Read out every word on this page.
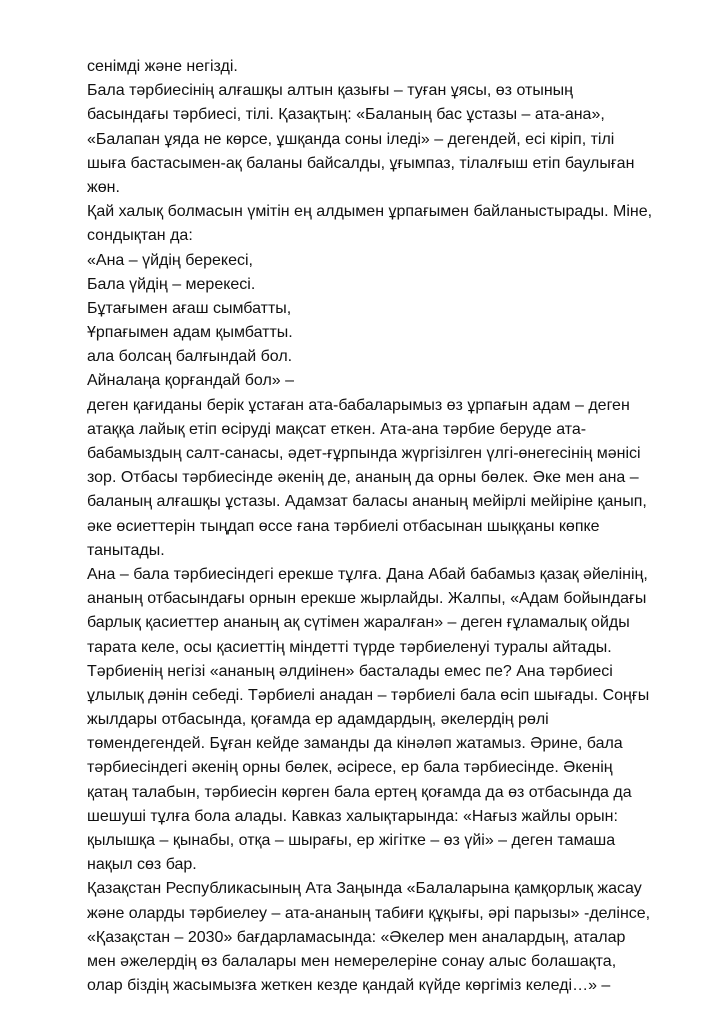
сенімді және негізді.
Бала тәрбиесінің алғашқы алтын қазығы – туған ұясы, өз отының
басындағы тәрбиесі, тілі. Қазақтың: «Баланың бас ұстазы – ата-ана»,
«Балапан ұяда не көрсе, ұшқанда соны іледі» – дегендей, есі кіріп, тілі
шыға бастасымен-ақ баланы байсалды, ұғымпаз, тілалғыш етіп баулыған
жөн.
Қай халық болмасын үмітін ең алдымен ұрпағымен байланыстырады. Міне,
сондықтан да:
«Ана – үйдің берекесі,
Бала үйдің – мерекесі.
Бұтағымен ағаш сымбатты,
Ұрпағымен адам қымбатты.
ала болсаң балғындай бол.
Айналаңа қорғандай бол» –
деген қағиданы берік ұстаған ата-бабаларымыз өз ұрпағын адам – деген
атаққа лайық етіп өсіруді мақсат еткен. Ата-ана тәрбие беруде ата-
бабамыздың салт-санасы, әдет-ғұрпында жүргізілген үлгі-өнегесінің мәнісі
зор. Отбасы тәрбиесінде әкенің де, ананың да орны бөлек. Әке мен ана –
баланың алғашқы ұстазы. Адамзат баласы ананың мейірлі мейіріне қанып,
әке өсиеттерін тыңдап өссе ғана тәрбиелі отбасынан шыққаны көпке
танытады.
Ана – бала тәрбиесіндегі ерекше тұлға. Дана Абай бабамыз қазақ әйелінің,
ананың отбасындағы орнын ерекше жырлайды. Жалпы, «Адам бойындағы
барлық қасиеттер ананың ақ сүтімен жаралған» – деген ғұламалық ойды
тарата келе, осы қасиеттің міндетті түрде тәрбиеленуі туралы айтады.
Тәрбиенің негізі «ананың әлдиінен» басталады емес пе? Ана тәрбиесі
ұлылық дәнін себеді. Тәрбиелі анадан – тәрбиелі бала өсіп шығады. Соңғы
жылдары отбасында, қоғамда ер адамдардың, әкелердің рөлі
төмендегендей. Бұған кейде заманды да кінәләп жатамыз. Әрине, бала
тәрбиесіндегі әкенің орны бөлек, әсіресе, ер бала тәрбиесінде. Әкенің
қатаң талабын, тәрбиесін көрген бала ертең қоғамда да өз отбасында да
шешуші тұлға бола алады. Кавказ халықтарында: «Нағыз жайлы орын:
қылышқа – қынабы, отқа – шырағы, ер жігітке – өз үйі» – деген тамаша
нақыл сөз бар.
Қазақстан Республикасының Ата Заңында «Балаларына қамқорлық жасау
және оларды тәрбиелеу – ата-ананың табиғи құқығы, әрі парызы» -делінсе,
«Қазақстан – 2030» бағдарламасында: «Әкелер мен аналардың, аталар
мен әжелердің өз балалары мен немерелеріне сонау алыс болашақта,
олар біздің жасымызға жеткен кезде қандай күйде көргіміз келеді…» –
